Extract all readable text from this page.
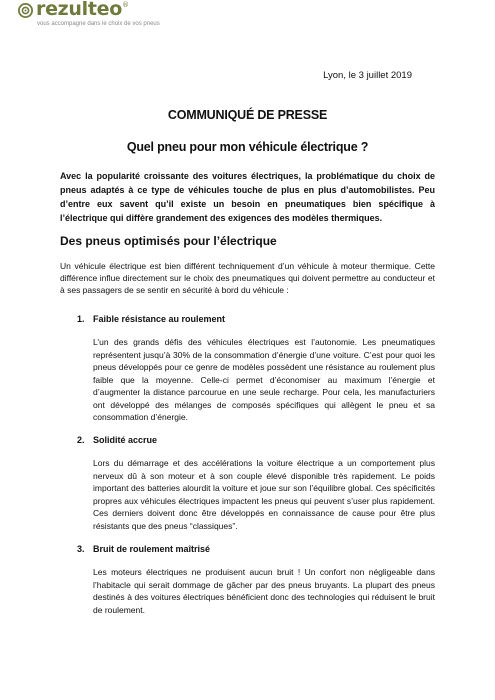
rezulteo®
vous accompagne dans le choix de vos pneus
Lyon, le 3 juillet 2019
COMMUNIQUÉ DE PRESSE
Quel pneu pour mon véhicule électrique ?

Avec la popularité croissante des voitures électriques, la problématique du choix de pneus adaptés à ce type de véhicules touche de plus en plus d’automobilistes. Peu d’entre eux savent qu’il existe un besoin en pneumatiques bien spécifique à l’électrique qui diffère grandement des exigences des modèles thermiques.

Des pneus optimisés pour l’électrique

Un véhicule électrique est bien différent techniquement d’un véhicule à moteur thermique. Cette différence influe directement sur le choix des pneumatiques qui doivent permettre au conducteur et à ses passagers de se sentir en sécurité à bord du véhicule :

1. Faible résistance au roulement

L’un des grands défis des véhicules électriques est l’autonomie. Les pneumatiques représentent jusqu’à 30% de la consommation d’énergie d’une voiture. C’est pour quoi les pneus développés pour ce genre de modèles possèdent une résistance au roulement plus faible que la moyenne. Celle-ci permet d’économiser au maximum l’énergie et d’augmenter la distance parcourue en une seule recharge. Pour cela, les manufacturiers ont développé des mélanges de composés spécifiques qui allègent le pneu et sa consommation d’énergie.

2. Solidité accrue

Lors du démarrage et des accélérations la voiture électrique a un comportement plus nerveux dû à son moteur et à son couple élevé disponible très rapidement. Le poids important des batteries alourdit la voiture et joue sur son l’équilibre global. Ces spécificités propres aux véhicules électriques impactent les pneus qui peuvent s’user plus rapidement. Ces derniers doivent donc être développés en connaissance de cause pour être plus résistants que des pneus “classiques”.

3. Bruit de roulement maîtrisé

Les moteurs électriques ne produisent aucun bruit ! Un confort non négligeable dans l’habitacle qui serait dommage de gâcher par des pneus bruyants. La plupart des pneus destinés à des voitures électriques bénéficient donc des technologies qui réduisent le bruit de roulement.
